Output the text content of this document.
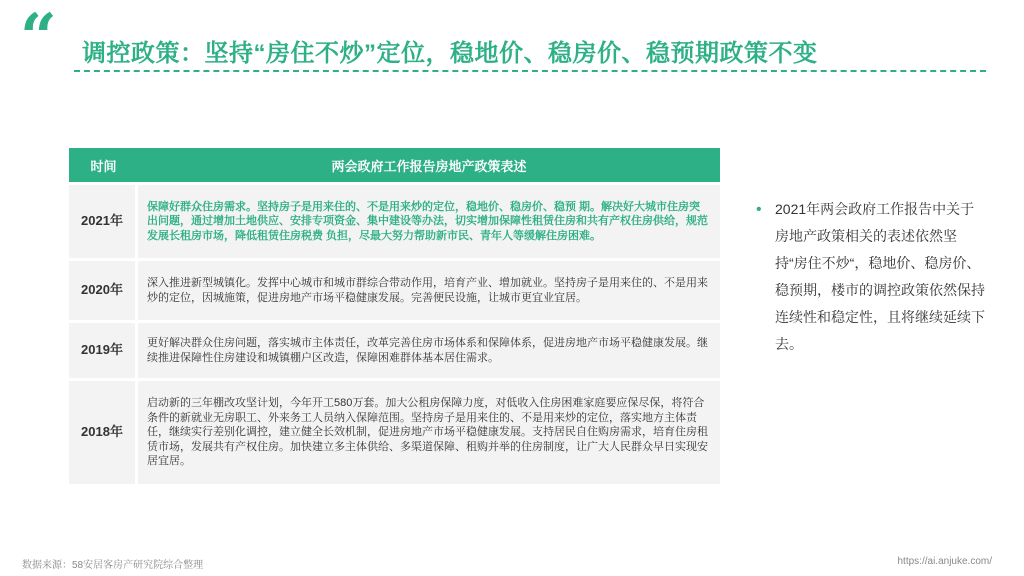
“ 调控政策：坚持“房住不炒”定位，稳地价、稳房价、稳预期政策不变
时间	两会政府工作报告房地产政策表述
2021年	保障好群众住房需求。坚持房子是用来住的、不是用来炒的定位，稳地价、稳房价、稳预 期。解决好大城市住房突出问题，通过增加土地供应、安排专项资金、集中建设等办法，切实增加保障性租赁住房和共有产权住房供给，规范发展长租房市场，降低租赁住房税费 负担，尽最大努力帮助新市民、青年人等缓解住房困难。
2020年	深入推进新型城镇化。发挥中心城市和城市群综合带动作用，培育产业、增加就业。坚持房子是用来住的、不是用来炒的定位，因城施策，促进房地产市场平稳健康发展。完善便民设施，让城市更宜业宜居。
2019年	更好解决群众住房问题，落实城市主体责任，改革完善住房市场体系和保障体系，促进房地产市场平稳健康发展。继续推进保障性住房建设和城镇棚户区改造，保障困难群体基本居住需求。
2018年	启动新的三年棚改攻坚计划，今年开工580万套。加大公租房保障力度，对低收入住房困难家庭要应保尽保，将符合条件的新就业无房职工、外来务工人员纳入保障范围。坚持房子是用来住的、不是用来炒的定位，落实地方主体责任，继续实行差别化调控，建立健全长效机制，促进房地产市场平稳健康发展。支持居民自住购房需求，培育住房租赁市场，发展共有产权住房。加快建立多主体供给、多渠道保障、租购并举的住房制度，让广大人民群众早日实现安居宜居。
• 2021年两会政府工作报告中关于房地产政策相关的表述依然坚持“房住不炒“，稳地价、稳房价、稳预期，楼市的调控政策依然保持连续性和稳定性，且将继续延续下去。
数据来源：58安居客房产研究院综合整理	https://ai.anjuke.com/
